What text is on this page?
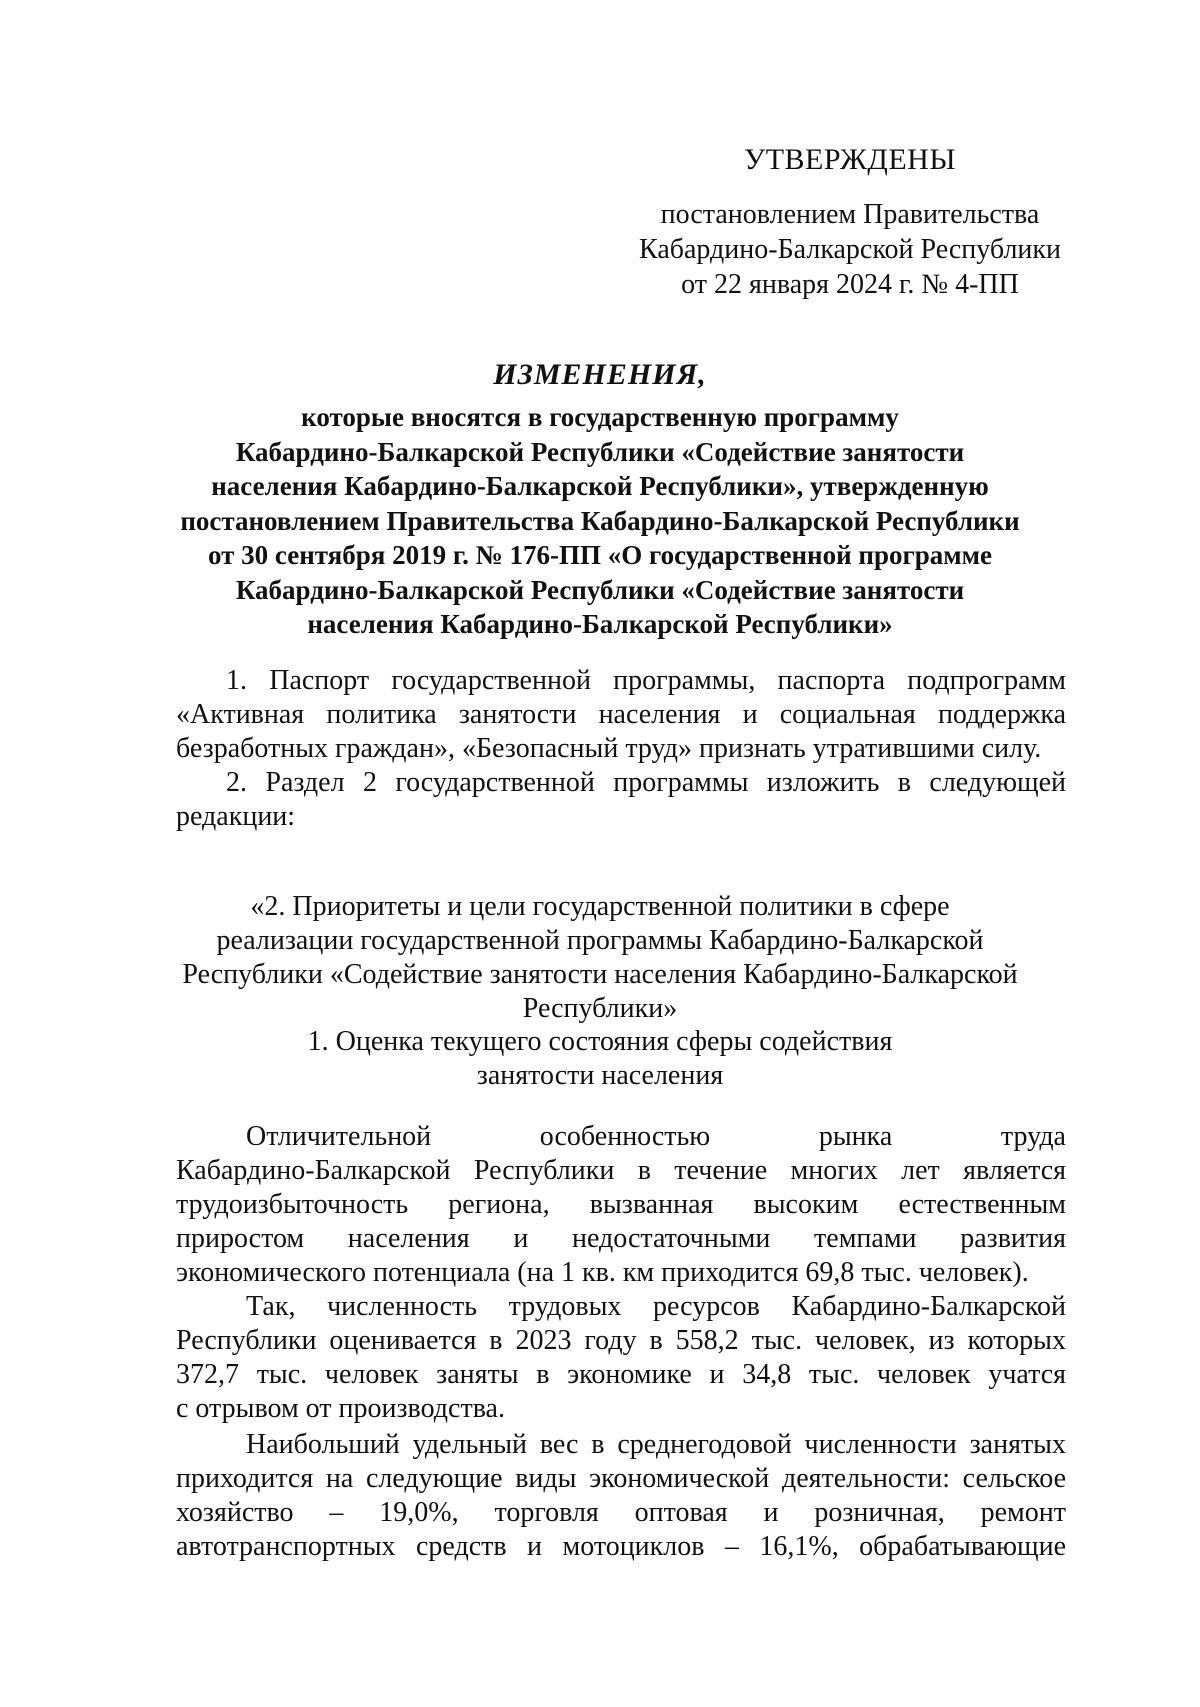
УТВЕРЖДЕНЫ
постановлением Правительства
Кабардино-Балкарской Республики
от 22 января 2024 г. № 4-ПП
ИЗМЕНЕНИЯ,
которые вносятся в государственную программу
Кабардино-Балкарской Республики «Содействие занятости
населения Кабардино-Балкарской Республики», утвержденную
постановлением Правительства Кабардино-Балкарской Республики
от 30 сентября 2019 г. № 176-ПП «О государственной программе
Кабардино-Балкарской Республики «Содействие занятости
населения Кабардино-Балкарской Республики»
1. Паспорт государственной программы, паспорта подпрограмм
«Активная политика занятости населения и социальная поддержка
безработных граждан», «Безопасный труд» признать утратившими силу.
2. Раздел 2 государственной программы изложить в следующей
редакции:
«2. Приоритеты и цели государственной политики в сфере
реализации государственной программы Кабардино-Балкарской
Республики «Содействие занятости населения Кабардино-Балкарской
Республики»
1. Оценка текущего состояния сферы содействия
занятости населения
Отличительной особенностью рынка труда
Кабардино-Балкарской Республики в течение многих лет является
трудоизбыточность региона, вызванная высоким естественным
приростом населения и недостаточными темпами развития
экономического потенциала (на 1 кв. км приходится 69,8 тыс. человек).
Так, численность трудовых ресурсов Кабардино-Балкарской
Республики оценивается в 2023 году в 558,2 тыс. человек, из которых
372,7 тыс. человек заняты в экономике и 34,8 тыс. человек учатся
с отрывом от производства.
Наибольший удельный вес в среднегодовой численности занятых
приходится на следующие виды экономической деятельности: сельское
хозяйство – 19,0%, торговля оптовая и розничная, ремонт
автотранспортных средств и мотоциклов – 16,1%, обрабатывающие
